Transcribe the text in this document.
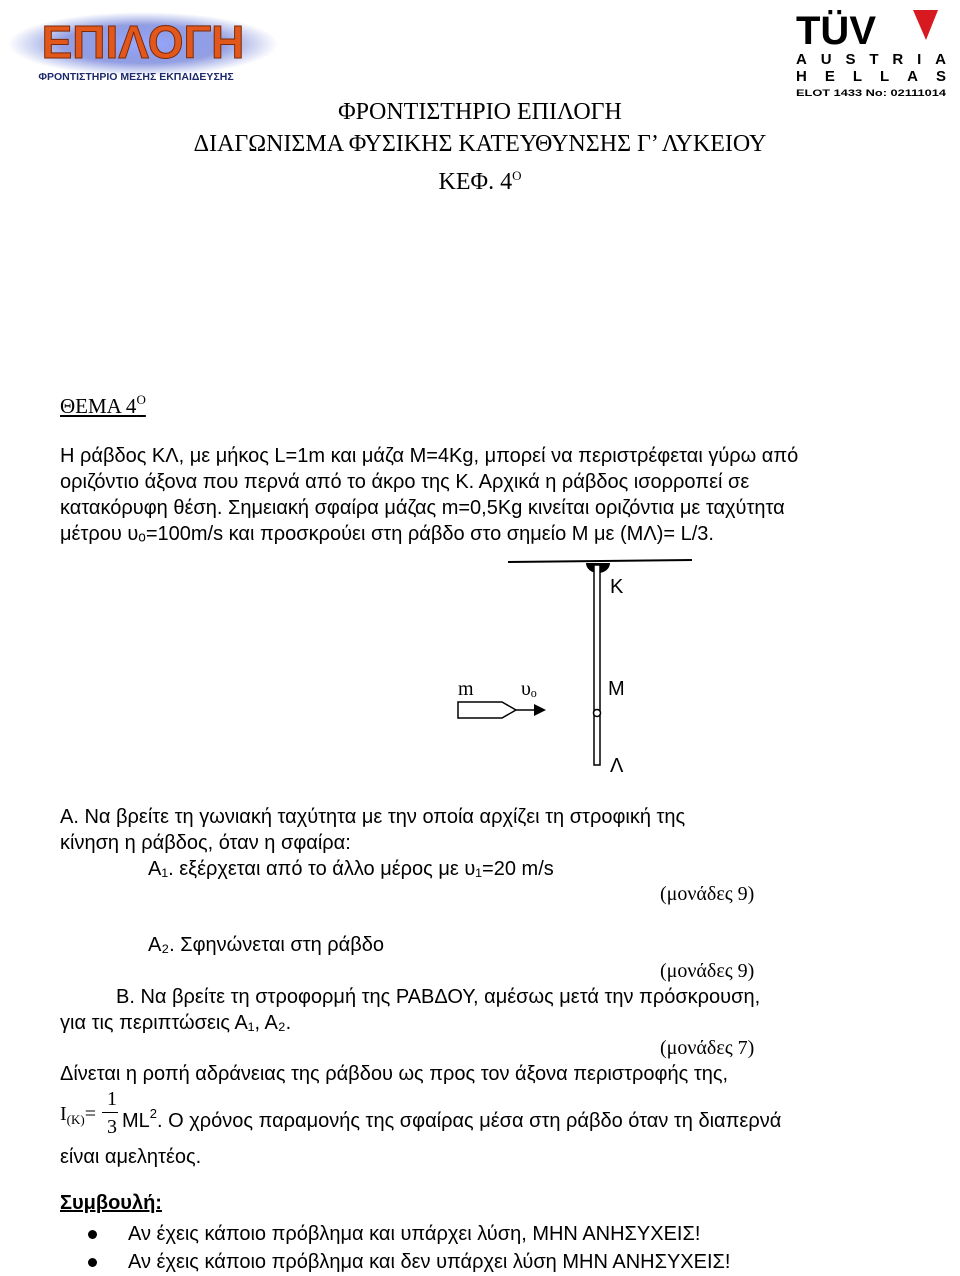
ΕΠΙΛΟΓΗ
ΦΡΟΝΤΙΣΤΗΡΙΟ ΜΕΣΗΣ ΕΚΠΑΙΔΕΥΣΗΣ
TÜV
AUSTRIA
HELLAS
ELOT 1433 No: 02111014
ΦΡΟΝΤΙΣΤΗΡΙΟ ΕΠΙΛΟΓΗ
ΔΙΑΓΩΝΙΣΜΑ ΦΥΣΙΚΗΣ ΚΑΤΕΥΘΥΝΣΗΣ Γ’ ΛΥΚΕΙΟΥ
ΚΕΦ. $4^O$
ΘΕΜΑ $4^O$
Η ράβδος ΚΛ, με μήκος L=1m και μάζα M=4Kg, μπορεί να περιστρέφεται γύρω από
οριζόντιο άξονα που περνά από το άκρο της Κ. Αρχικά η ράβδος ισορροπεί σε
κατακόρυφη θέση. Σημειακή σφαίρα μάζας m=0,5Kg κινείται οριζόντια με ταχύτητα
μέτρου υₒ=100m/s και προσκρούει στη ράβδο στο σημείο Μ με (ΜΛ)= L/3.
Κ
m υₒ	Μ
Λ
Α. Να βρείτε τη γωνιακή ταχύτητα με την οποία αρχίζει τη στροφική της
κίνηση η ράβδος, όταν η σφαίρα:
Α₁. εξέρχεται από το άλλο μέρος με υ₁=20 m/s
(μονάδες 9)
Α₂. Σφηνώνεται στη ράβδο
(μονάδες 9)
Β. Να βρείτε τη στροφορμή της ΡΑΒΔΟΥ, αμέσως μετά την πρόσκρουση,
για τις περιπτώσεις Α₁, Α₂.
(μονάδες 7)
Δίνεται η ροπή αδράνειας της ράβδου ως προς τον άξονα περιστροφής της,
$I_{(K)}=$
1
3 $ML^2$. Ο χρόνος παραμονής της σφαίρας μέσα στη ράβδο όταν τη διαπερνά
είναι αμελητέος.
Συμβουλή:
Αν έχεις κάποιο πρόβλημα και υπάρχει λύση, ΜΗΝ ΑΝΗΣΥΧΕΙΣ!
Αν έχεις κάποιο πρόβλημα και δεν υπάρχει λύση ΜΗΝ ΑΝΗΣΥΧΕΙΣ!
